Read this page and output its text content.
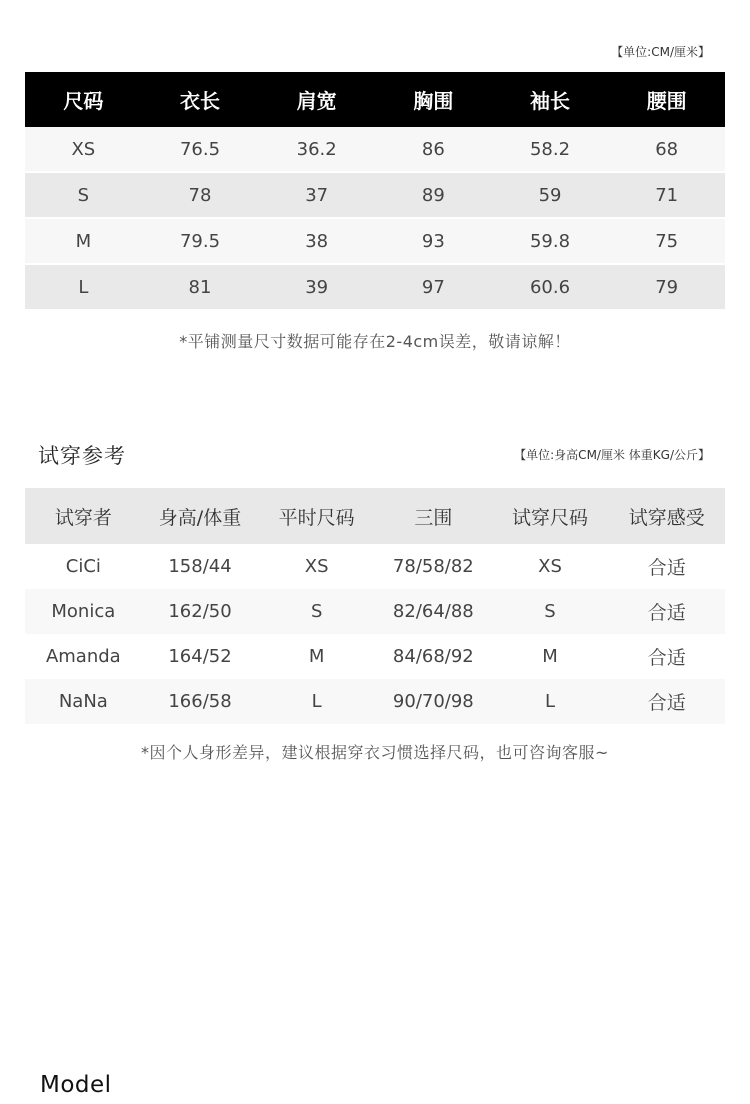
【单位:CM/厘米】
尺码	衣长	肩宽	胸围	袖长	腰围
XS	76.5	36.2	86	58.2	68
S	78	37	89	59	71
M	79.5	38	93	59.8	75
L	81	39	97	60.6	79
*平铺测量尺寸数据可能存在2-4cm误差，敬请谅解！
试穿参考	【单位:身高CM/厘米 体重KG/公斤】
试穿者	身高/体重	平时尺码	三围	试穿尺码	试穿感受
CiCi	158/44	XS	78/58/82	XS	合适
Monica	162/50	S	82/64/88	S	合适
Amanda	164/52	M	84/68/92	M	合适
NaNa	166/58	L	90/70/98	L	合适
*因个人身形差异，建议根据穿衣习惯选择尺码，也可咨询客服~
Model
